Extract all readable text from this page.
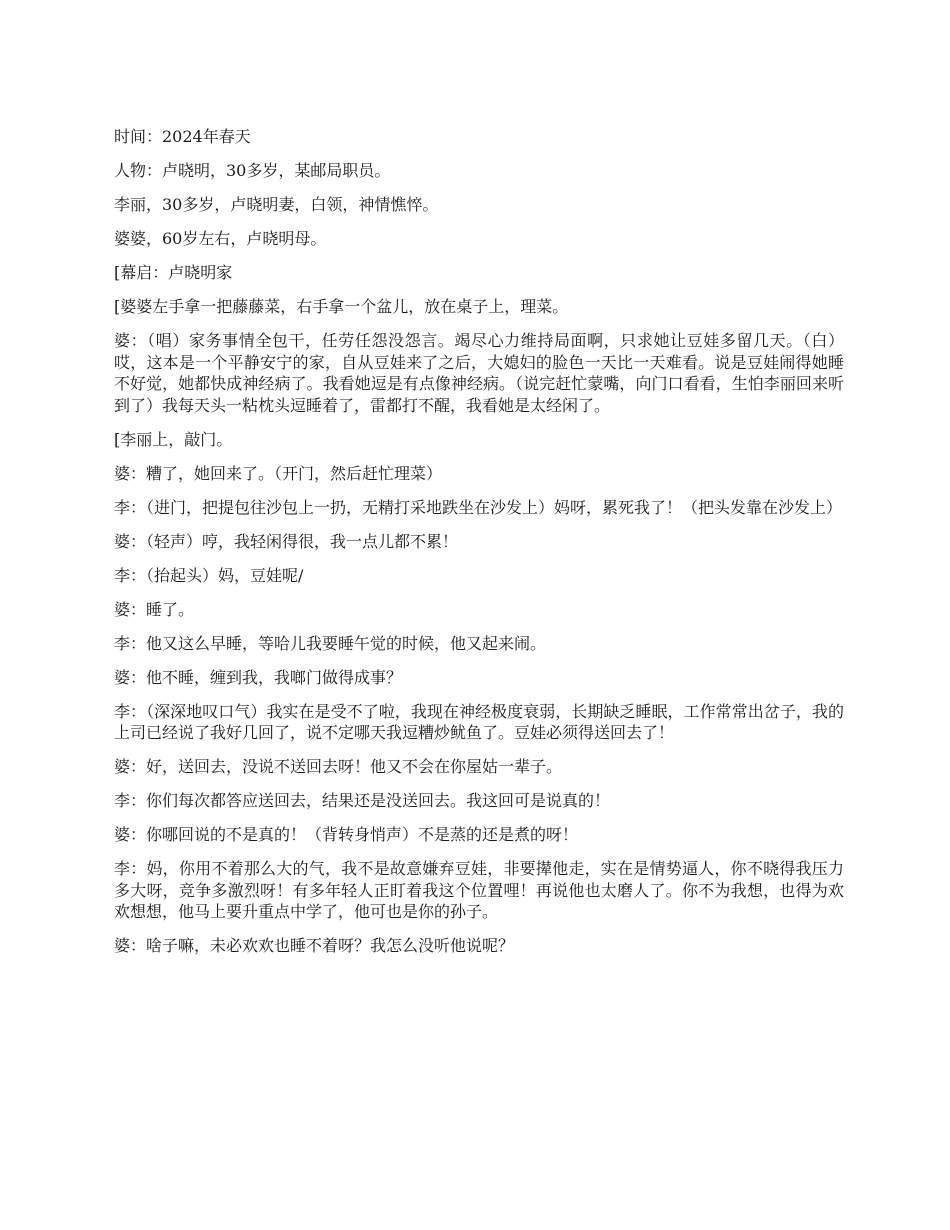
时间：2024年春天

人物：卢晓明，30多岁，某邮局职员。

李丽，30多岁，卢晓明妻，白领，神情憔悴。

婆婆，60岁左右，卢晓明母。

[幕启：卢晓明家

[婆婆左手拿一把藤藤菜，右手拿一个盆儿，放在桌子上，理菜。

婆：（唱）家务事情全包干，任劳任怨没怨言。竭尽心力维持局面啊，只求她让豆娃多留几天。（白）哎，这本是一个平静安宁的家，自从豆娃来了之后，大媳妇的脸色一天比一天难看。说是豆娃闹得她睡不好觉，她都快成神经病了。我看她逗是有点像神经病。（说完赶忙蒙嘴，向门口看看，生怕李丽回来听到了）我每天头一粘枕头逗睡着了，雷都打不醒，我看她是太经闲了。

[李丽上，敲门。

婆：糟了，她回来了。（开门，然后赶忙理菜）

李：（进门，把提包往沙包上一扔，无精打采地跌坐在沙发上）妈呀，累死我了！（把头发靠在沙发上）

婆：（轻声）哼，我轻闲得很，我一点儿都不累！

李：（抬起头）妈，豆娃呢/

婆：睡了。

李：他又这么早睡，等哈儿我要睡午觉的时候，他又起来闹。

婆：他不睡，缠到我，我啷门做得成事？

李：（深深地叹口气）我实在是受不了啦，我现在神经极度衰弱，长期缺乏睡眠，工作常常出岔子，我的上司已经说了我好几回了，说不定哪天我逗糟炒鱿鱼了。豆娃必须得送回去了！

婆：好，送回去，没说不送回去呀！他又不会在你屋姑一辈子。

李：你们每次都答应送回去，结果还是没送回去。我这回可是说真的！

婆：你哪回说的不是真的！（背转身悄声）不是蒸的还是煮的呀！

李：妈，你用不着那么大的气，我不是故意嫌弃豆娃，非要撵他走，实在是情势逼人，你不晓得我压力多大呀，竞争多激烈呀！有多年轻人正盯着我这个位置哩！再说他也太磨人了。你不为我想，也得为欢欢想想，他马上要升重点中学了，他可也是你的孙子。

婆：啥子嘛，未必欢欢也睡不着呀？我怎么没听他说呢？
